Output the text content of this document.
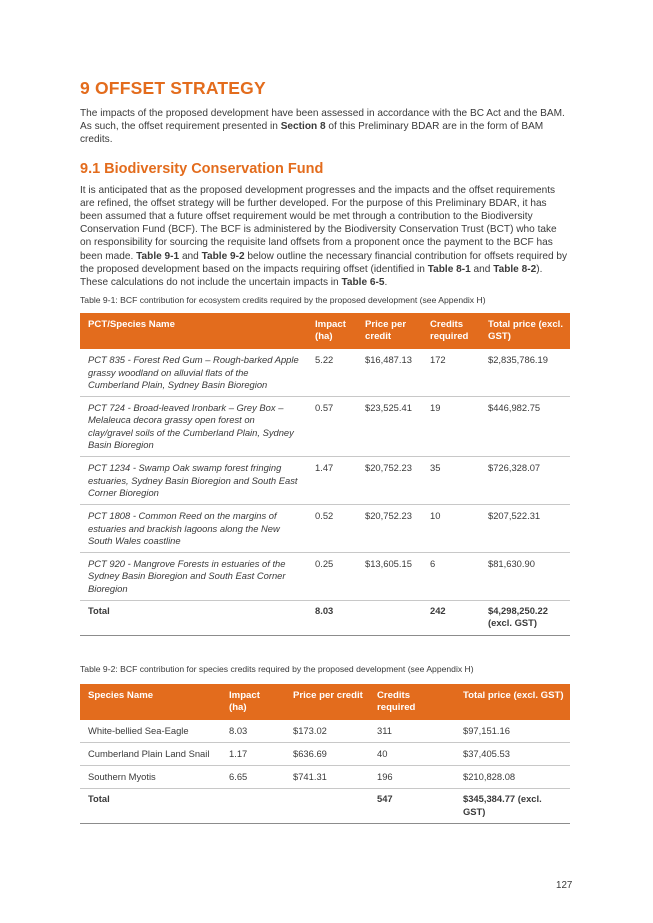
9 OFFSET STRATEGY

The impacts of the proposed development have been assessed in accordance with the BC Act and the BAM. As such, the offset requirement presented in Section 8 of this Preliminary BDAR are in the form of BAM credits.

9.1 Biodiversity Conservation Fund

It is anticipated that as the proposed development progresses and the impacts and the offset requirements are refined, the offset strategy will be further developed. For the purpose of this Preliminary BDAR, it has been assumed that a future offset requirement would be met through a contribution to the Biodiversity Conservation Fund (BCF). The BCF is administered by the Biodiversity Conservation Trust (BCT) who take on responsibility for sourcing the requisite land offsets from a proponent once the payment to the BCF has been made. Table 9-1 and Table 9-2 below outline the necessary financial contribution for offsets required by the proposed development based on the impacts requiring offset (identified in Table 8-1 and Table 8-2). These calculations do not include the uncertain impacts in Table 6-5.

Table 9-1: BCF contribution for ecosystem credits required by the proposed development (see Appendix H)
PCT/Species Name	Impact (ha)	Price per credit	Credits required	Total price (excl. GST)
PCT 835 - Forest Red Gum – Rough-barked Apple grassy woodland on alluvial flats of the Cumberland Plain, Sydney Basin Bioregion	5.22	$16,487.13	172	$2,835,786.19
PCT 724 - Broad-leaved Ironbark – Grey Box – Melaleuca decora grassy open forest on clay/gravel soils of the Cumberland Plain, Sydney Basin Bioregion	0.57	$23,525.41	19	$446,982.75
PCT 1234 - Swamp Oak swamp forest fringing estuaries, Sydney Basin Bioregion and South East Corner Bioregion	1.47	$20,752.23	35	$726,328.07
PCT 1808 - Common Reed on the margins of estuaries and brackish lagoons along the New South Wales coastline	0.52	$20,752.23	10	$207,522.31
PCT 920 - Mangrove Forests in estuaries of the Sydney Basin Bioregion and South East Corner Bioregion	0.25	$13,605.15	6	$81,630.90
Total	8.03		242	$4,298,250.22 (excl. GST)
Table 9-2: BCF contribution for species credits required by the proposed development (see Appendix H)
Species Name	Impact (ha)	Price per credit	Credits required	Total price (excl. GST)
White-bellied Sea-Eagle	8.03	$173.02	311	$97,151.16
Cumberland Plain Land Snail	1.17	$636.69	40	$37,405.53
Southern Myotis	6.65	$741.31	196	$210,828.08
Total			547	$345,384.77 (excl. GST)
127
